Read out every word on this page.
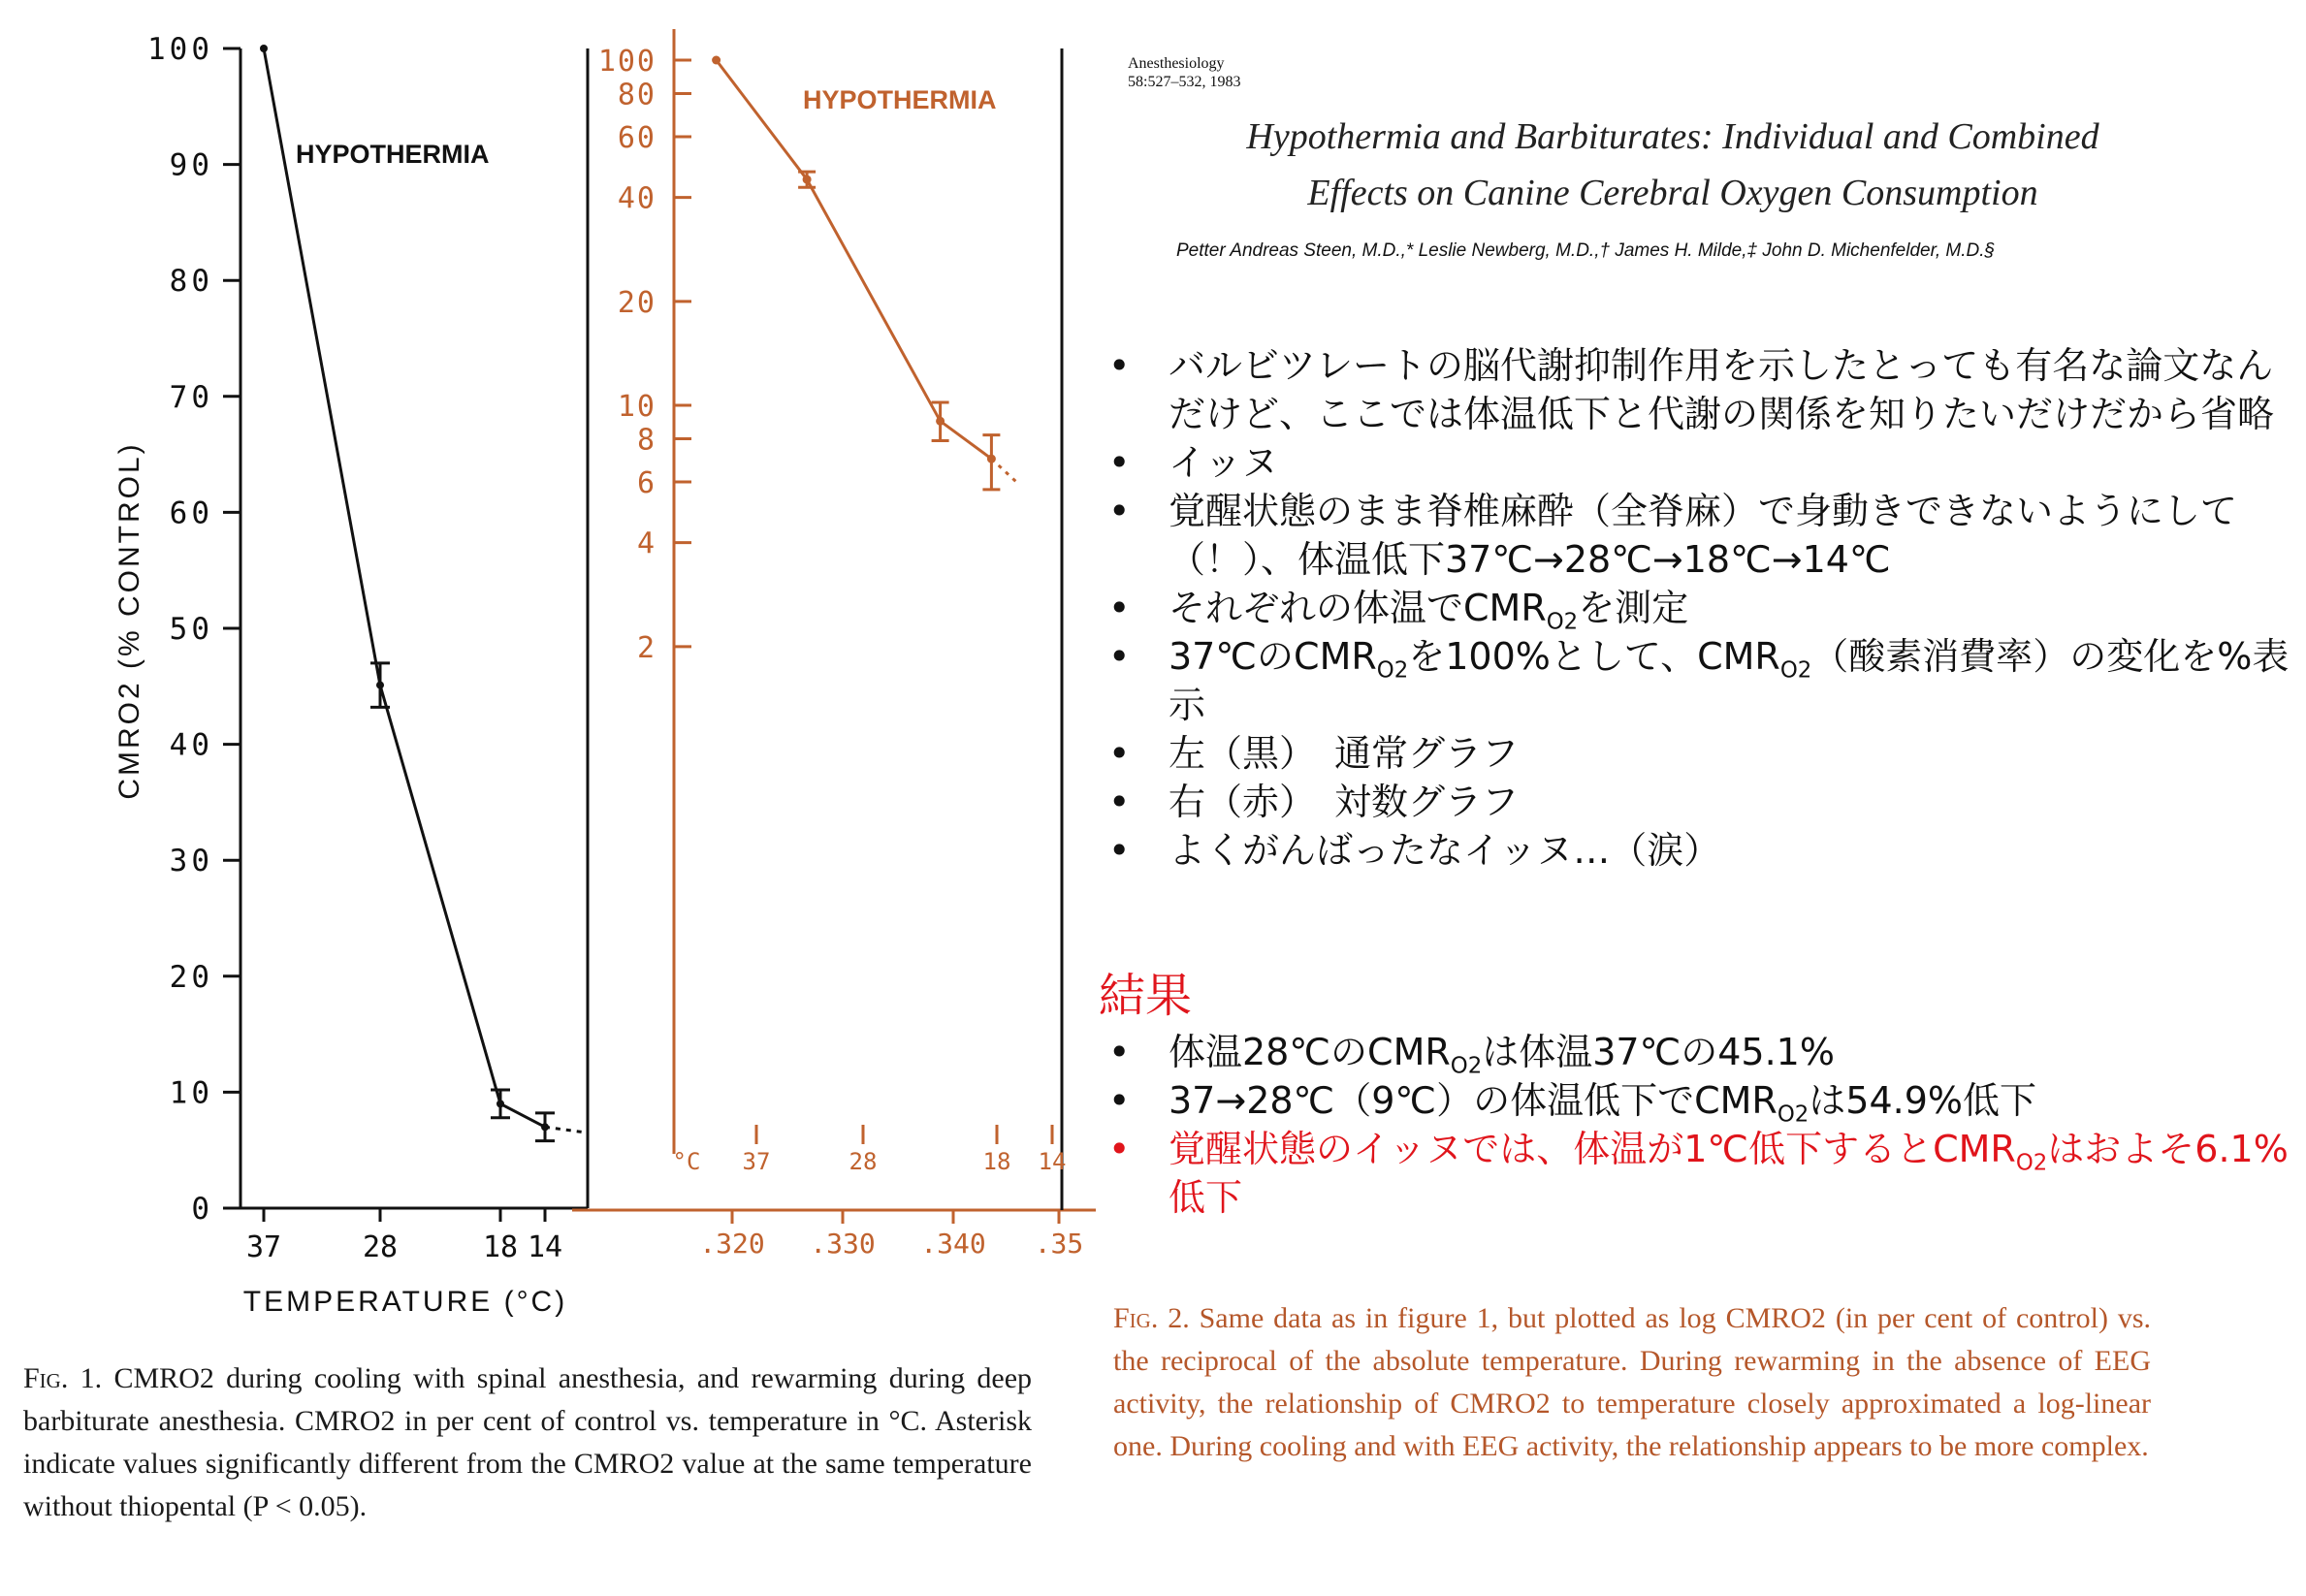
0
10
20
30
40
50
60
70
80
90
100
37	28	18 14
HYPOTHERMIA
TEMPERATURE (°C)
CMRO2 (% CONTROL)
100
80
60
40
20
10
8
6
4
2
°C 37	28	18 14
.320 .330 .340 .35
HYPOTHERMIA
Anesthesiology
58:527–532, 1983
Hypothermia and Barbiturates: Individual and Combined
Effects on Canine Cerebral Oxygen Consumption
Petter Andreas Steen, M.D.,* Leslie Newberg, M.D.,† James H. Milde,‡ John D. Michenfelder, M.D.§
• バルビツレートの脳代謝抑制作用を示したとっても有名な論文なんだけど、ここでは体温低下と代謝の関係を知りたいだけだから省略
• イッヌ
• 覚醒状態のまま脊椎麻酔（全脊麻）で身動きできないようにして（！）、体温低下37℃→28℃→18℃→14℃
• それぞれの体温で$CMR_{O2}$を測定
• 37℃の$CMR_{O2}$を100%として、$CMR_{O2}$（酸素消費率）の変化を%表示
• 左（黒）　通常グラフ
• 右（赤）　対数グラフ
• よくがんばったなイッヌ…（涙）
結果
• 体温28℃の$CMR_{O2}$は体温37℃の45.1%
• 37→28℃（9℃）の体温低下で$CMR_{O2}$は54.9%低下
• 覚醒状態のイッヌでは、体温が1℃低下すると$CMR_{O2}$はおよそ6.1%低下
Fig. 1. CMRO2 during cooling with spinal anesthesia, and rewarming during deep barbiturate anesthesia. CMRO2 in per cent of control vs. temperature in °C. Asterisk indicate values significantly different from the CMRO2 value at the same temperature without thiopental (P < 0.05).
Fig. 2. Same data as in figure 1, but plotted as log CMRO2 (in per cent of control) vs. the reciprocal of the absolute temperature. During rewarming in the absence of EEG activity, the relationship of CMRO2 to temperature closely approximated a log-linear one. During cooling and with EEG activity, the relationship appears to be more complex.
